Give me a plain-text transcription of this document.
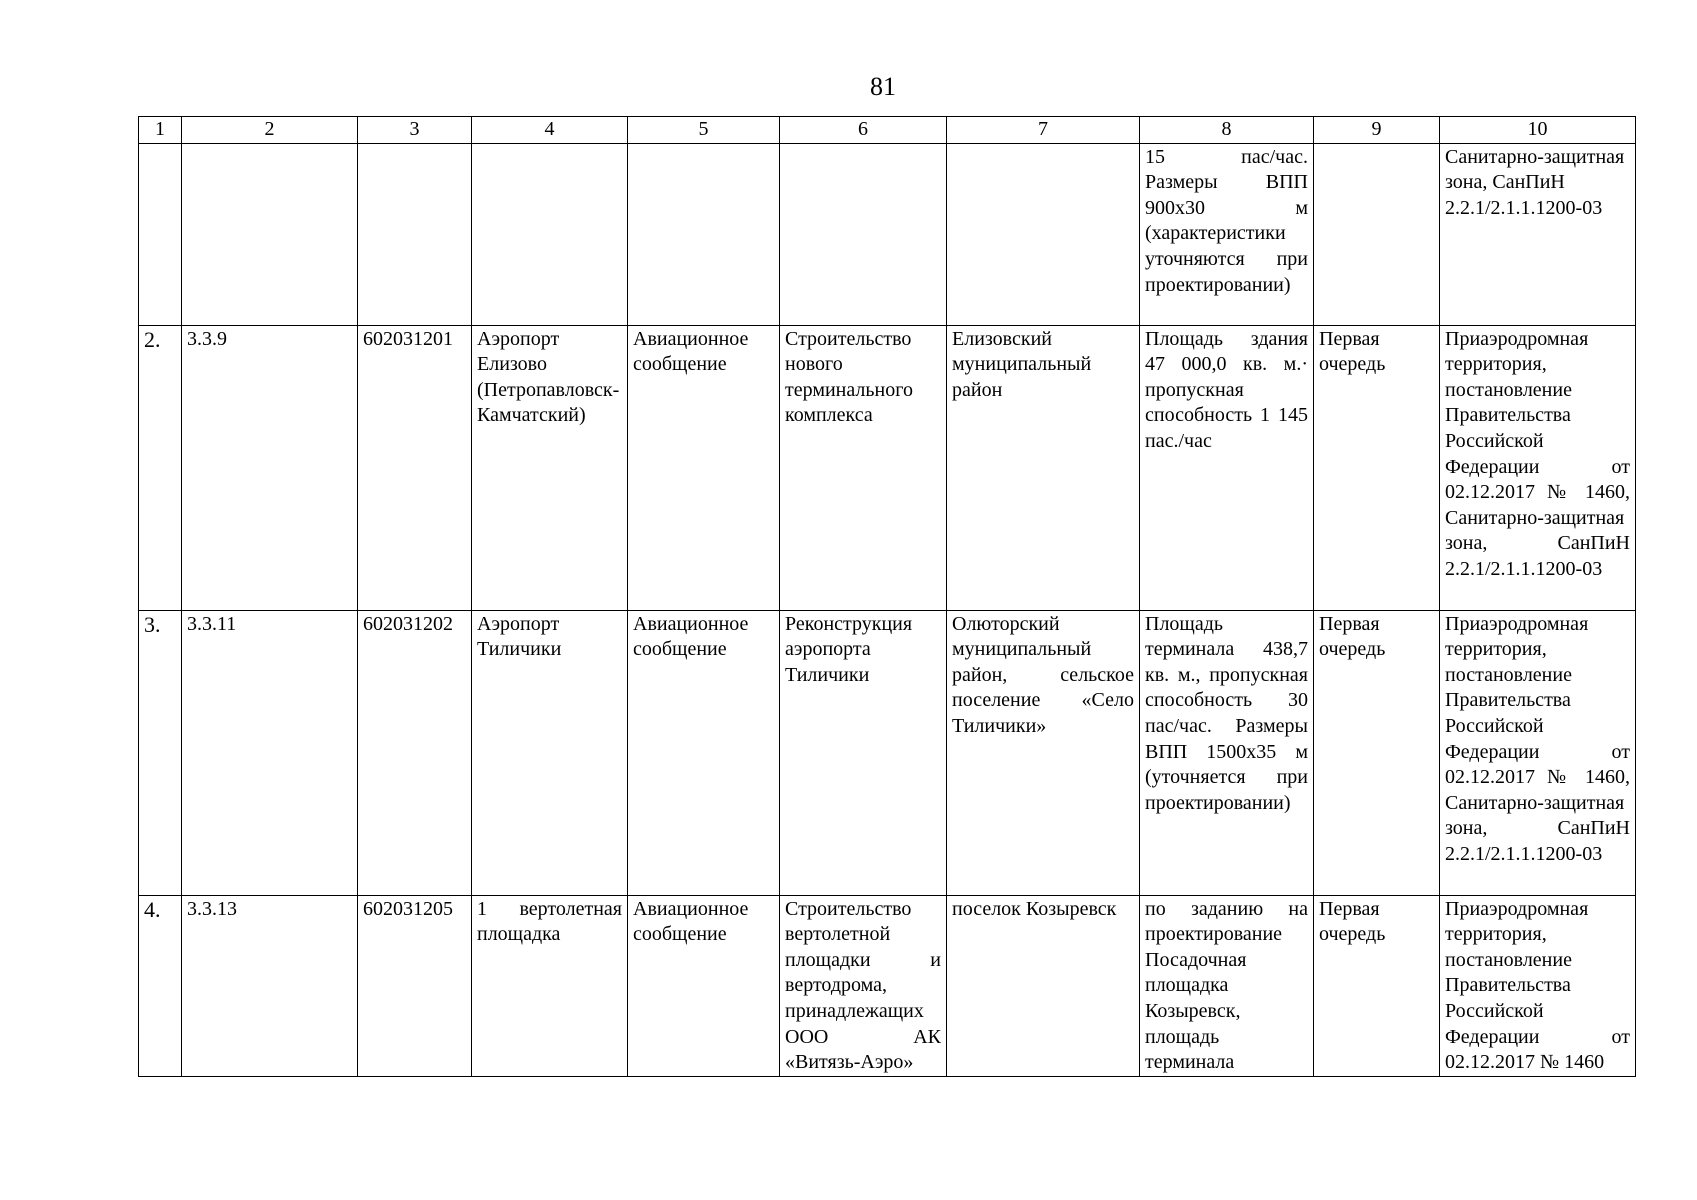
81
1	2	3	4	5	6	7	8	9	10
							15 пас/час. Размеры ВПП 900х30 м (характеристики уточняются при проектировании)		Санитарно-защитная зона, СанПиН 2.2.1/2.1.1.1200-03
2.	3.3.9	602031201	Аэропорт Елизово (Петропавловск-Камчатский)	Авиационное сообщение	Строительство нового терминального комплекса	Елизовский муниципальный район	Площадь здания 47 000,0 кв. м.· пропускная способность 1 145 пас./час	Первая очередь	Приаэродромная территория, постановление Правительства Российской Федерации от 02.12.2017 № 1460, Санитарно-защитная зона, СанПиН 2.2.1/2.1.1.1200-03
3.	3.3.11	602031202	Аэропорт Тиличики	Авиационное сообщение	Реконструкция аэропорта Тиличики	Олюторский муниципальный район, сельское поселение «Село Тиличики»	Площадь терминала 438,7 кв. м., пропускная способность 30 пас/час. Размеры ВПП 1500х35 м (уточняется при проектировании)	Первая очередь	Приаэродромная территория, постановление Правительства Российской Федерации от 02.12.2017 № 1460, Санитарно-защитная зона, СанПиН 2.2.1/2.1.1.1200-03
4.	3.3.13	602031205	1 вертолетная площадка	Авиационное сообщение	Строительство вертолетной площадки и вертодрома, принадлежащих ООО АК «Витязь-Аэро»	поселок Козыревск	по заданию на проектирование Посадочная площадка Козыревск, площадь терминала	Первая очередь	Приаэродромная территория, постановление Правительства Российской Федерации от 02.12.2017 № 1460
